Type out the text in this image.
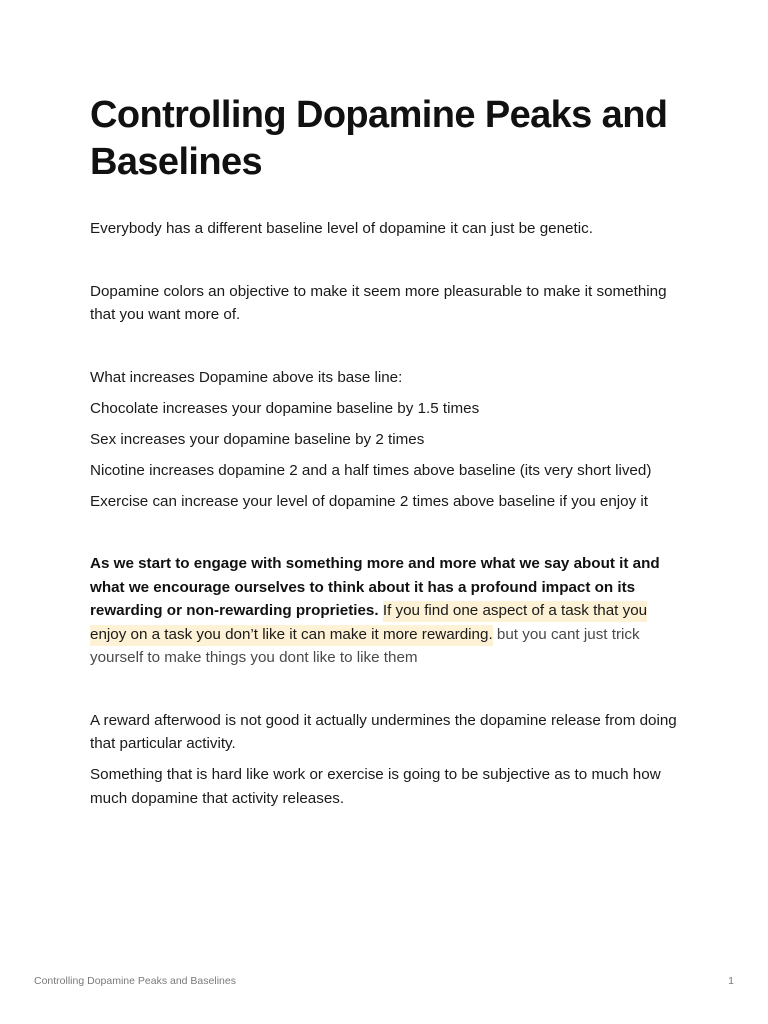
Controlling Dopamine Peaks and Baselines

Everybody has a different baseline level of dopamine it can just be genetic.

Dopamine colors an objective to make it seem more pleasurable to make it something that you want more of.

What increases Dopamine above its base line:

Chocolate increases your dopamine baseline by 1.5 times

Sex increases your dopamine baseline by 2 times

Nicotine increases dopamine 2 and a half times above baseline (its very short lived)

Exercise can increase your level of dopamine 2 times above baseline if you enjoy it

As we start to engage with something more and more what we say about it and what we encourage ourselves to think about it has a profound impact on its rewarding or non-rewarding proprieties. If you find one aspect of a task that you enjoy on a task you don’t like it can make it more rewarding. but you cant just trick yourself to make things you dont like to like them

A reward afterwood is not good it actually undermines the dopamine release from doing that particular activity.

Something that is hard like work or exercise is going to be subjective as to much how much dopamine that activity releases.

Controlling Dopamine Peaks and Baselines	1
